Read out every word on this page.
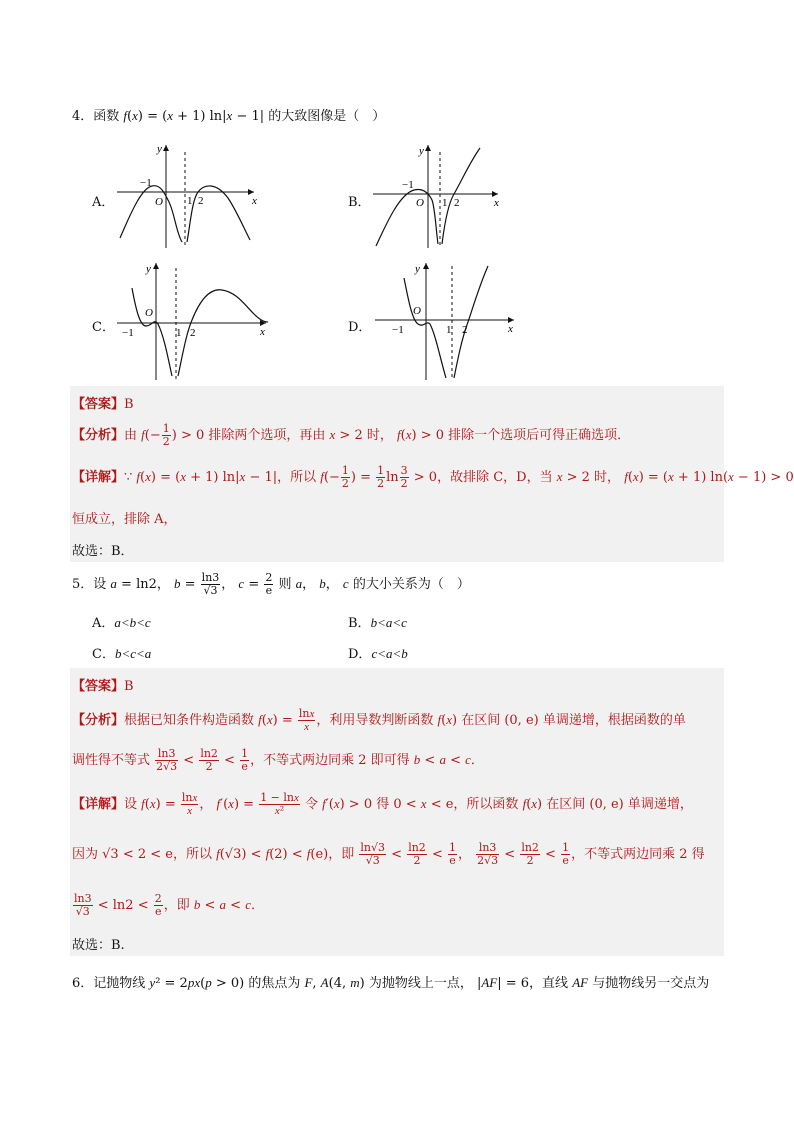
4．函数 f(x) = (x + 1) ln|x − 1| 的大致图像是（　）
A．
y
x
O
−1
1 2	B．
y
x
O
−1
1 2
C．
y
x
O
−1	1 2	D．
y
x
O
−1	1 2
【答案】B
【分析】由 $f(- \frac{1}{2}$ ) > 0 排除两个选项，再由 x > 2 时， f(x) > 0 排除一个选项后可得正确选项．
【详解】∵ f(x) = (x + 1) ln|x − 1|，所以 $f(- \frac{1}{2}$ ) = $\frac{1}{2}$ $\ln \frac{3}{2} > 0$，故排除 C，D，当 x > 2 时， f(x) = (x + 1) ln(x − 1) > 0
恒成立，排除 A，
故选：B．
5．设 a = ln2， $b = \frac{\ln 3}{√3}$ ， $c = \frac{2}{e}$ 则 a， b， c 的大小关系为（　）
A．a<b<c	B．b<a<c
C．b<c<a	D．c<a<b
【答案】B
【分析】根据已知条件构造函数 $f(x) = \frac{\ln x}{x}$ ，利用导数判断函数 f(x) 在区间 (0, e) 单调递增，根据函数的单
调性得不等式 $\frac{\ln 3}{2√3} < \frac{\ln 2}{2} < \frac{1}{e}$ ，不等式两边同乘 2 即可得 b < a < c．
【详解】设 $f(x) = \frac{\ln x}{x}$ ， $f'(x) = \frac{1 - \ln x}{\text{x²}}$ 令 f′(x) > 0 得 0 < x < e，所以函数 f(x) 在区间 (0, e) 单调递增，
因为 √3 < 2 < e，所以 f(√3) < f(2) < f(e)，即 $\frac{\ln√3}{√3} < \frac{\ln 2}{2} < \frac{1}{e}$ ， $\frac{\ln 3}{2√3} < \frac{\ln 2}{2} < \frac{1}{e}$ ，不等式两边同乘 2 得
$\frac{\ln 3}{√3} < \ln 2 < \frac{2}{e}$ ，即 b < a < c．
故选：B.
6．记抛物线 y² = 2px(p > 0) 的焦点为 F, A(4, m) 为抛物线上一点， |AF| = 6，直线 AF 与抛物线另一交点为
